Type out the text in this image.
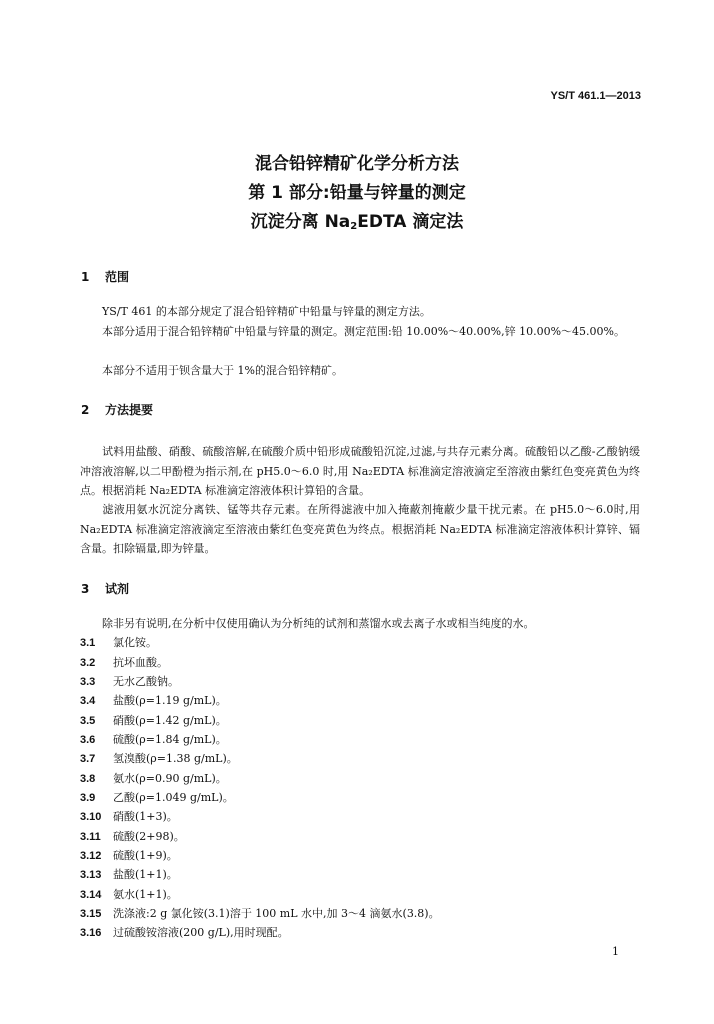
YS/T 461.1—2013
混合铅锌精矿化学分析方法
第 1 部分:铅量与锌量的测定
沉淀分离 $Na_2EDTA$ 滴定法
1 范围
YS/T 461 的本部分规定了混合铅锌精矿中铅量与锌量的测定方法。
本部分适用于混合铅锌精矿中铅量与锌量的测定。测定范围:铅 10.00%～40.00%,锌 10.00%～45.00%。
本部分不适用于钡含量大于 1%的混合铅锌精矿。
2 方法提要
试料用盐酸、硝酸、硫酸溶解,在硫酸介质中铅形成硫酸铅沉淀,过滤,与共存元素分离。硫酸铅以乙酸-乙酸钠缓冲溶液溶解,以二甲酚橙为指示剂,在 pH5.0～6.0 时,用 Na₂EDTA 标准滴定溶液滴定至溶液由紫红色变亮黄色为终点。根据消耗 Na₂EDTA 标准滴定溶液体积计算铅的含量。
滤液用氨水沉淀分离铁、锰等共存元素。在所得滤液中加入掩蔽剂掩蔽少量干扰元素。在 pH5.0～6.0时,用 Na₂EDTA 标准滴定溶液滴定至溶液由紫红色变亮黄色为终点。根据消耗 Na₂EDTA 标准滴定溶液体积计算锌、镉含量。扣除镉量,即为锌量。
3 试剂
除非另有说明,在分析中仅使用确认为分析纯的试剂和蒸馏水或去离子水或相当纯度的水。
3.1 氯化铵。
3.2 抗坏血酸。
3.3 无水乙酸钠。
3.4 盐酸(ρ=1.19 g/mL)。
3.5 硝酸(ρ=1.42 g/mL)。
3.6 硫酸(ρ=1.84 g/mL)。
3.7 氢溴酸(ρ=1.38 g/mL)。
3.8 氨水(ρ=0.90 g/mL)。
3.9 乙酸(ρ=1.049 g/mL)。
3.10 硝酸(1+3)。
3.11 硫酸(2+98)。
3.12 硫酸(1+9)。
3.13 盐酸(1+1)。
3.14 氨水(1+1)。
3.15 洗涤液:2 g 氯化铵(3.1)溶于 100 mL 水中,加 3～4 滴氨水(3.8)。
3.16 过硫酸铵溶液(200 g/L),用时现配。
1
